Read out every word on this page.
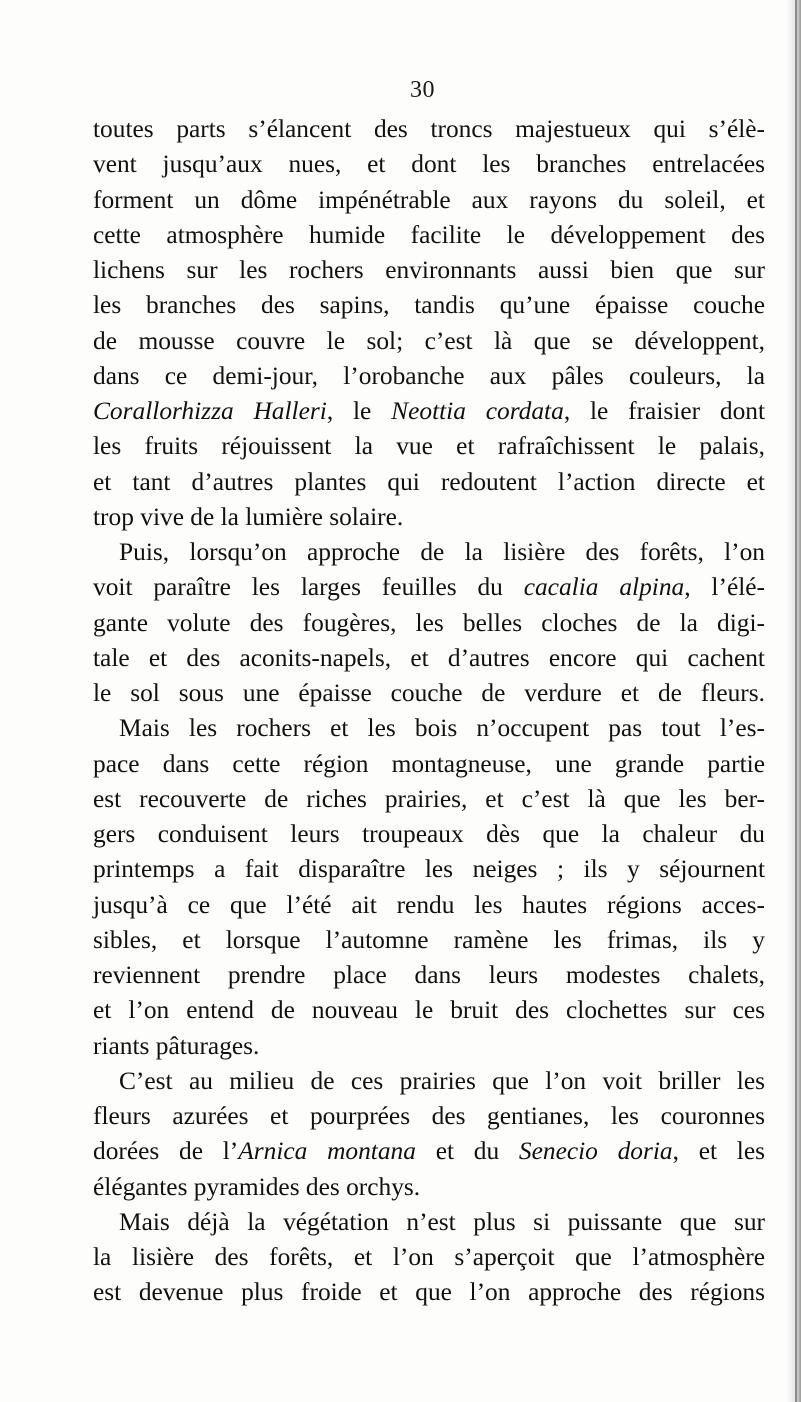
30
toutes parts s’élancent des troncs majestueux qui s’élè-
vent jusqu’aux nues, et dont les branches entrelacées
forment un dôme impénétrable aux rayons du soleil, et
cette atmosphère humide facilite le développement des
lichens sur les rochers environnants aussi bien que sur
les branches des sapins, tandis qu’une épaisse couche
de mousse couvre le sol; c’est là que se développent,
dans ce demi-jour, l’orobanche aux pâles couleurs, la
Corallorhizza Halleri, le Neottia cordata, le fraisier dont
les fruits réjouissent la vue et rafraîchissent le palais,
et tant d’autres plantes qui redoutent l’action directe et
trop vive de la lumière solaire.
Puis, lorsqu’on approche de la lisière des forêts, l’on
voit paraître les larges feuilles du cacalia alpina, l’élé-
gante volute des fougères, les belles cloches de la digi-
tale et des aconits-napels, et d’autres encore qui cachent
le sol sous une épaisse couche de verdure et de fleurs.
Mais les rochers et les bois n’occupent pas tout l’es-
pace dans cette région montagneuse, une grande partie
est recouverte de riches prairies, et c’est là que les ber-
gers conduisent leurs troupeaux dès que la chaleur du
printemps a fait disparaître les neiges ; ils y séjournent
jusqu’à ce que l’été ait rendu les hautes régions acces-
sibles, et lorsque l’automne ramène les frimas, ils y
reviennent prendre place dans leurs modestes chalets,
et l’on entend de nouveau le bruit des clochettes sur ces
riants pâturages.
C’est au milieu de ces prairies que l’on voit briller les
fleurs azurées et pourprées des gentianes, les couronnes
dorées de l’Arnica montana et du Senecio doria, et les
élégantes pyramides des orchys.
Mais déjà la végétation n’est plus si puissante que sur
la lisière des forêts, et l’on s’aperçoit que l’atmosphère
est devenue plus froide et que l’on approche des régions
